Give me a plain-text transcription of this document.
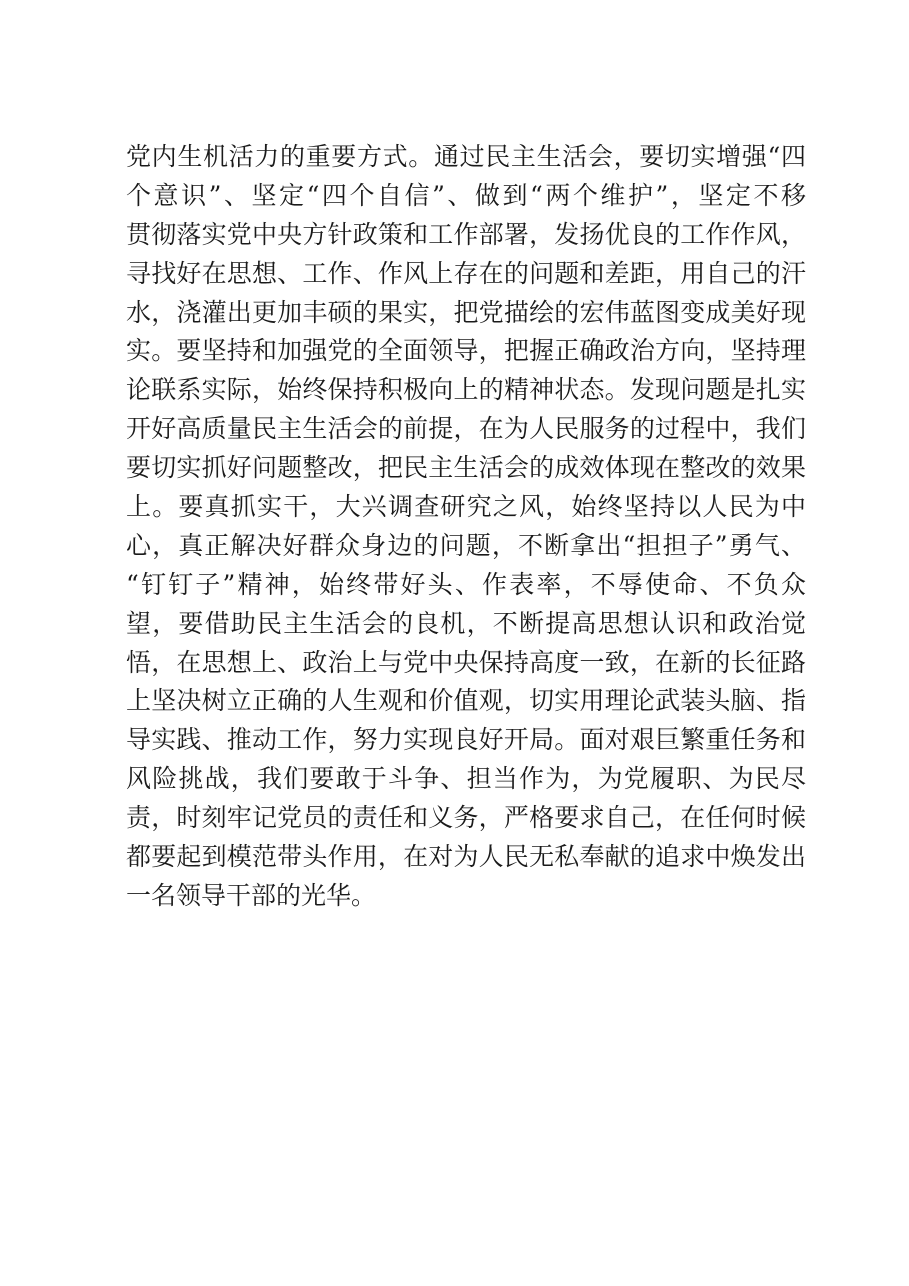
党内生机活力的重要方式。通过民主生活会，要切实增强“四
个意识”、坚定“四个自信”、做到“两个维护”，坚定不移
贯彻落实党中央方针政策和工作部署，发扬优良的工作作风，
寻找好在思想、工作、作风上存在的问题和差距，用自己的汗
水，浇灌出更加丰硕的果实，把党描绘的宏伟蓝图变成美好现
实。要坚持和加强党的全面领导，把握正确政治方向，坚持理
论联系实际，始终保持积极向上的精神状态。发现问题是扎实
开好高质量民主生活会的前提，在为人民服务的过程中，我们
要切实抓好问题整改，把民主生活会的成效体现在整改的效果
上。要真抓实干，大兴调查研究之风，始终坚持以人民为中
心，真正解决好群众身边的问题，不断拿出“担担子”勇气、
“钉钉子”精神，始终带好头、作表率，不辱使命、不负众
望，要借助民主生活会的良机，不断提高思想认识和政治觉
悟，在思想上、政治上与党中央保持高度一致，在新的长征路
上坚决树立正确的人生观和价值观，切实用理论武装头脑、指
导实践、推动工作，努力实现良好开局。面对艰巨繁重任务和
风险挑战，我们要敢于斗争、担当作为，为党履职、为民尽
责，时刻牢记党员的责任和义务，严格要求自己，在任何时候
都要起到模范带头作用，在对为人民无私奉献的追求中焕发出
一名领导干部的光华。
